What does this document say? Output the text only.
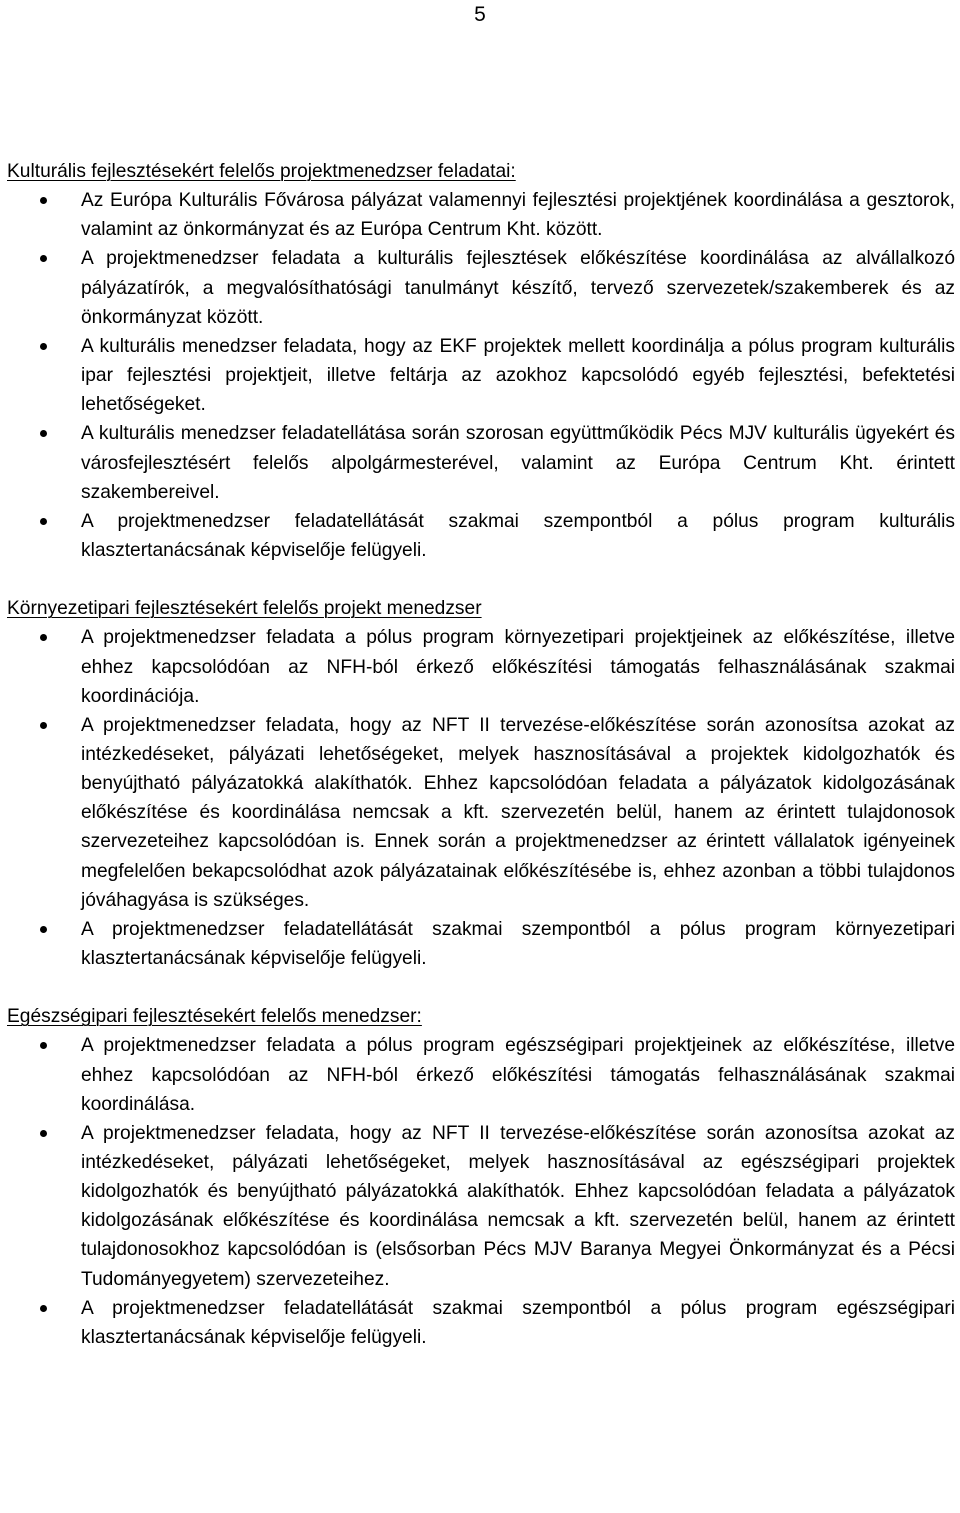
5

Kulturális fejlesztésekért felelős projektmenedzser feladatai:

Az Európa Kulturális Fővárosa pályázat valamennyi fejlesztési projektjének koordinálása a gesztorok, valamint az önkormányzat és az Európa Centrum Kht. között.
A projektmenedzser feladata a kulturális fejlesztések előkészítése koordinálása az alvállalkozó pályázatírók, a megvalósíthatósági tanulmányt készítő, tervező szervezetek/szakemberek és az önkormányzat között.
A kulturális menedzser feladata, hogy az EKF projektek mellett koordinálja a pólus program kulturális ipar fejlesztési projektjeit, illetve feltárja az azokhoz kapcsolódó egyéb fejlesztési, befektetési lehetőségeket.
A kulturális menedzser feladatellátása során szorosan együttműködik Pécs MJV kulturális ügyekért és városfejlesztésért felelős alpolgármesterével, valamint az Európa Centrum Kht. érintett szakembereivel.
A projektmenedzser feladatellátását szakmai szempontból a pólus program kulturális klasztertanácsának képviselője felügyeli.

Környezetipari fejlesztésekért felelős projekt menedzser

A projektmenedzser feladata a pólus program környezetipari projektjeinek az előkészítése, illetve ehhez kapcsolódóan az NFH-ból érkező előkészítési támogatás felhasználásának szakmai koordinációja.
A projektmenedzser feladata, hogy az NFT II tervezése-előkészítése során azonosítsa azokat az intézkedéseket, pályázati lehetőségeket, melyek hasznosításával a projektek kidolgozhatók és benyújtható pályázatokká alakíthatók. Ehhez kapcsolódóan feladata a pályázatok kidolgozásának előkészítése és koordinálása nemcsak a kft. szervezetén belül, hanem az érintett tulajdonosok szervezeteihez kapcsolódóan is. Ennek során a projektmenedzser az érintett vállalatok igényeinek megfelelően bekapcsolódhat azok pályázatainak előkészítésébe is, ehhez azonban a többi tulajdonos jóváhagyása is szükséges.
A projektmenedzser feladatellátását szakmai szempontból a pólus program környezetipari klasztertanácsának képviselője felügyeli.

Egészségipari fejlesztésekért felelős menedzser:

A projektmenedzser feladata a pólus program egészségipari projektjeinek az előkészítése, illetve ehhez kapcsolódóan az NFH-ból érkező előkészítési támogatás felhasználásának szakmai koordinálása.
A projektmenedzser feladata, hogy az NFT II tervezése-előkészítése során azonosítsa azokat az intézkedéseket, pályázati lehetőségeket, melyek hasznosításával az egészségipari projektek kidolgozhatók és benyújtható pályázatokká alakíthatók. Ehhez kapcsolódóan feladata a pályázatok kidolgozásának előkészítése és koordinálása nemcsak a kft. szervezetén belül, hanem az érintett tulajdonosokhoz kapcsolódóan is (elsősorban Pécs MJV Baranya Megyei Önkormányzat és a Pécsi Tudományegyetem) szervezeteihez.
A projektmenedzser feladatellátását szakmai szempontból a pólus program egészségipari klasztertanácsának képviselője felügyeli.
